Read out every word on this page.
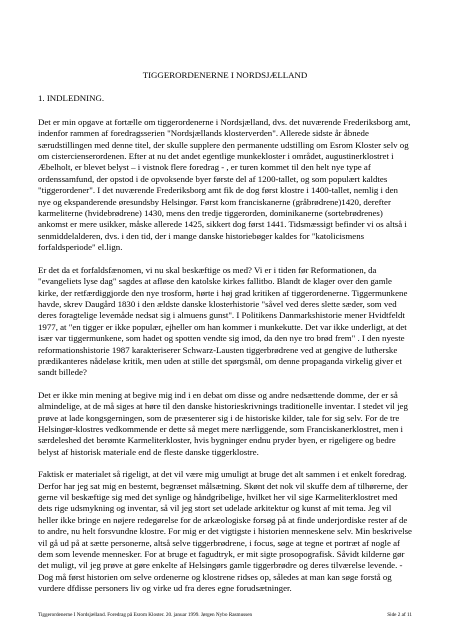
TIGGERORDENERNE I NORDSJÆLLAND
1. INDLEDNING.

Det er min opgave at fortælle om tiggerordenerne i Nordsjælland, dvs. det nuværende Frederiksborg amt, indenfor rammen af foredragsserien "Nordsjællands klosterverden". Allerede sidste år åbnede særudstillingen med denne titel, der skulle supplere den permanente udstilling om Esrom Kloster selv og om cistercienserordenen. Efter at nu det andet egentlige munkekloster i området, augustinerklostret i Æbelholt, er blevet belyst – i vistnok flere foredrag - , er turen kommet til den helt nye type af ordenssamfund, der opstod i de opvoksende byer første del af 1200-tallet, og som populært kaldtes "tiggerordener". I det nuværende Frederiksborg amt fik de dog først klostre i 1400-tallet, nemlig i den nye og ekspanderende øresundsby Helsingør. Først kom franciskanerne (gråbrødrene)1420, derefter karmeliterne (hvidebrødrene) 1430, mens den tredje tiggerorden, dominikanerne (sortebrødrenes) ankomst er mere usikker, måske allerede 1425, sikkert dog først 1441. Tidsmæssigt befinder vi os altså i senmiddelalderen, dvs. i den tid, der i mange danske historiebøger kaldes for "katolicismens forfaldsperiode" el.lign.

Er det da et forfaldsfænomen, vi nu skal beskæftige os med? Vi er i tiden før Reformationen, da "evangeliets lyse dag" sagdes at afløse den katolske kirkes fallitbo. Blandt de klager over den gamle kirke, der retfærdiggjorde den nye trosform, hørte i høj grad kritiken af tiggerordenerne. Tiggermunkene havde, skrev Daugård 1830 i den ældste danske klosterhistorie "såvel ved deres slette sæder, som ved deres foragtelige levemåde nedsat sig i almuens gunst". I Politikens Danmarkshistorie mener Hvidtfeldt 1977, at "en tigger er ikke populær, ejheller om han kommer i munkekutte. Det var ikke underligt, at det især var tiggermunkene, som hadet og spotten vendte sig imod, da den nye tro brød frem" . I den nyeste reformationshistorie 1987 karakteriserer Schwarz-Lausten tiggerbrødrene ved at gengive de lutherske prædikanteres nådeløse kritik, men uden at stille det spørgsmål, om denne propaganda virkelig giver et sandt billede?

Det er ikke min mening at begive mig ind i en debat om disse og andre nedsættende domme, der er så almindelige, at de må siges at høre til den danske historieskrivnings traditionelle inventar. I stedet vil jeg prøve at lade kongsgerningen, som de præsenterer sig i de historiske kilder, tale for sig selv. For de tre Helsingør-klostres vedkommende er dette så meget mere nærliggende, som Franciskanerklostret, men i særdeleshed det berømte Karmeliterkloster, hvis bygninger endnu pryder byen, er rigeligere og bedre belyst af historisk materiale end de fleste danske tiggerklostre.

Faktisk er materialet så rigeligt, at det vil være mig umuligt at bruge det alt sammen i et enkelt foredrag. Derfor har jeg sat mig en bestemt, begrænset målsætning. Skønt det nok vil skuffe dem af tilhørerne, der gerne vil beskæftige sig med det synlige og håndgribelige, hvilket her vil sige Karmeliterklostret med dets rige udsmykning og inventar, så vil jeg stort set udelade arkitektur og kunst af mit tema. Jeg vil heller ikke bringe en nøjere redegørelse for de arkæologiske forsøg på at finde underjordiske rester af de to andre, nu helt forsvundne klostre. For mig er det vigtigste i historien menneskene selv. Min beskrivelse vil gå ud på at sætte personerne, altså selve tiggerbrødrene, i focus, søge at tegne et portræt af nogle af dem som levende mennesker. For at bruge et fagudtryk, er mit sigte prosopografisk. Såvidt kilderne gør det muligt, vil jeg prøve at gøre enkelte af Helsingørs gamle tiggerbrødre og deres tilværelse levende. - Dog må først historien om selve ordenerne og klostrene ridses op, således at man kan søge forstå og vurdere dfdisse personers liv og virke ud fra deres egne forudsætninger.

Tiggerordenerne I Nordsjælland. Foredrag på Esrom Kloster. 20. januar 1999. Jørgen Nybo Rasmussen	Side 2 af 11
